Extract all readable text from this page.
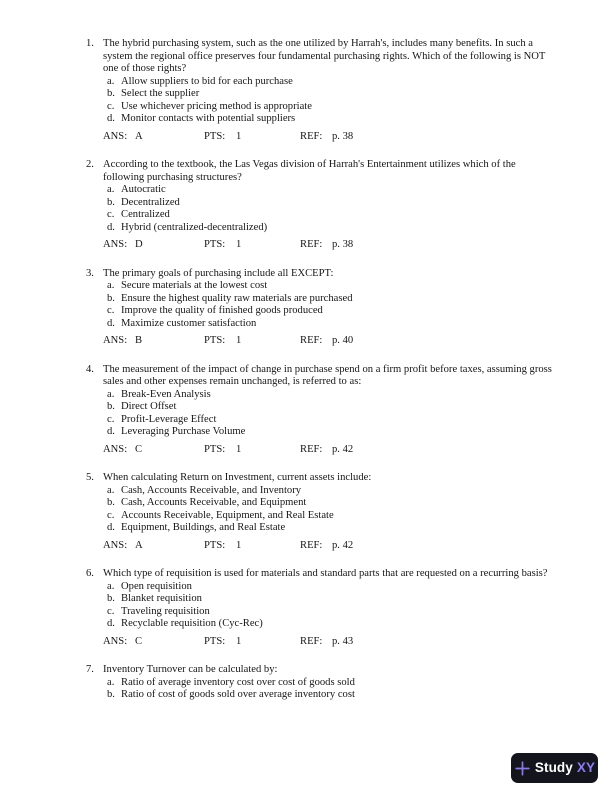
1. The hybrid purchasing system, such as the one utilized by Harrah's, includes many benefits. In such a system the regional office preserves four fundamental purchasing rights. Which of the following is NOT one of those rights?
a. Allow suppliers to bid for each purchase
b. Select the supplier
c. Use whichever pricing method is appropriate
d. Monitor contacts with potential suppliers
ANS: A	PTS:	1	REF: p. 38
2. According to the textbook, the Las Vegas division of Harrah's Entertainment utilizes which of the following purchasing structures?
a. Autocratic
b. Decentralized
c. Centralized
d. Hybrid (centralized-decentralized)
ANS: D	PTS:	1	REF: p. 38
3. The primary goals of purchasing include all EXCEPT:
a. Secure materials at the lowest cost
b. Ensure the highest quality raw materials are purchased
c. Improve the quality of finished goods produced
d. Maximize customer satisfaction
ANS: B	PTS:	1	REF: p. 40
4. The measurement of the impact of change in purchase spend on a firm profit before taxes, assuming gross sales and other expenses remain unchanged, is referred to as:
a. Break-Even Analysis
b. Direct Offset
c. Profit-Leverage Effect
d. Leveraging Purchase Volume
ANS: C	PTS:	1	REF: p. 42
5. When calculating Return on Investment, current assets include:
a. Cash, Accounts Receivable, and Inventory
b. Cash, Accounts Receivable, and Equipment
c. Accounts Receivable, Equipment, and Real Estate
d. Equipment, Buildings, and Real Estate
ANS: A	PTS:	1	REF: p. 42
6. Which type of requisition is used for materials and standard parts that are requested on a recurring basis?
a. Open requisition
b. Blanket requisition
c. Traveling requisition
d. Recyclable requisition (Cyc-Rec)
ANS: C	PTS:	1	REF: p. 43
7. Inventory Turnover can be calculated by:
a. Ratio of average inventory cost over cost of goods sold
b. Ratio of cost of goods sold over average inventory cost
Study XY
